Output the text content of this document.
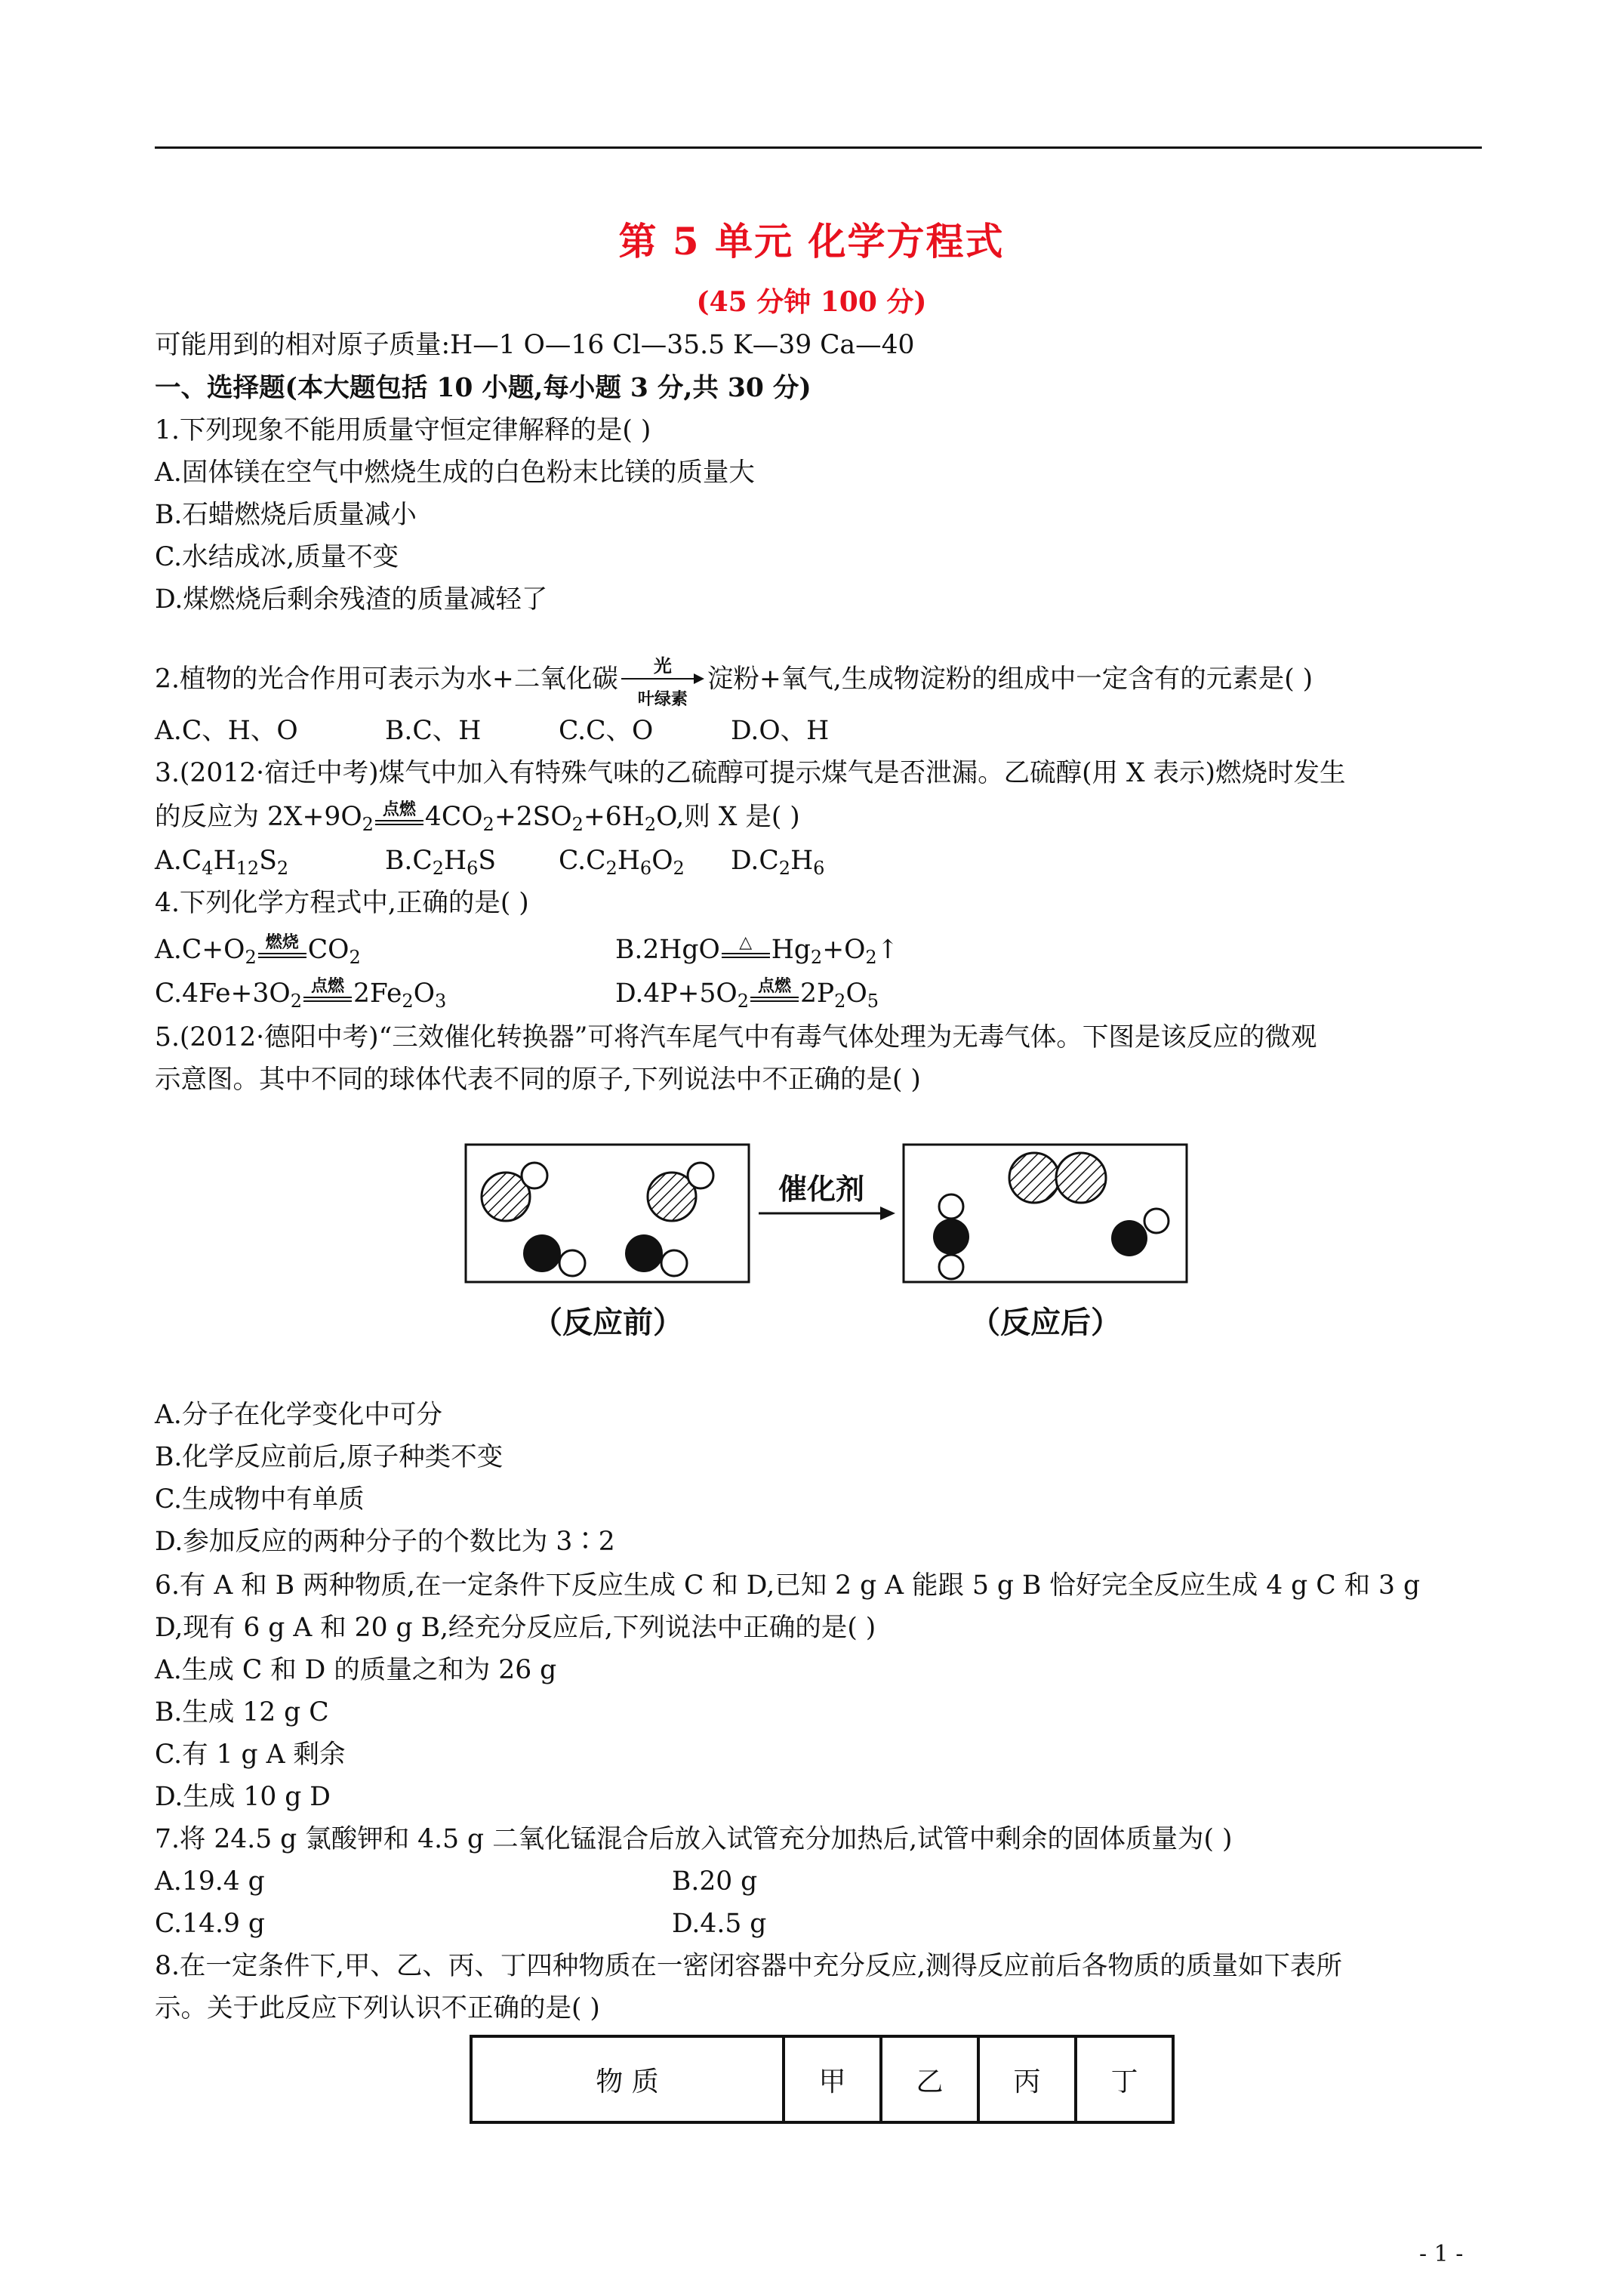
第 5 单元 化学方程式
(45 分钟 100 分)
可能用到的相对原子质量:H—1 O—16 Cl—35.5 K—39 Ca—40
一、选择题(本大题包括 10 小题,每小题 3 分,共 30 分)
1.下列现象不能用质量守恒定律解释的是( )
A.固体镁在空气中燃烧生成的白色粉末比镁的质量大
B.石蜡燃烧后质量减小
C.水结成冰,质量不变
D.煤燃烧后剩余残渣的质量减轻了
2.植物的光合作用可表示为水+二氧化碳	光
叶绿素
淀粉+氧气,生成物淀粉的组成中一定含有的元素是( )
A.C、H、O	B.C、H	C.C、O	D.O、H
3.(2012·宿迁中考)煤气中加入有特殊气味的乙硫醇可提示煤气是否泄漏。乙硫醇(用 X 表示)燃烧时发生
的反应为 $2X+9O_2$
点燃 $4CO_2+2SO_2+6H_2O$,则 X 是( )
$A.C_4H_{12}S_2$	$B.C_2H_6S$ $C.C_2H_6O_2$ $D.C_2H_6$
4.下列化学方程式中,正确的是( )
$A.C+O_2$
燃烧 $CO_2$	B.2HgO	△ $Hg_2+O_2↑$
$C.4Fe+3O_2$
点燃 $2Fe_2O_3$	$D.4P+5O_2$
点燃 $2P_2O_5$
5.(2012·德阳中考)“三效催化转换器”可将汽车尾气中有毒气体处理为无毒气体。下图是该反应的微观
示意图。其中不同的球体代表不同的原子,下列说法中不正确的是( )
催化剂
（反应前）	（反应后）
A.分子在化学变化中可分
B.化学反应前后,原子种类不变
C.生成物中有单质
D.参加反应的两种分子的个数比为 3∶2
6.有 A 和 B 两种物质,在一定条件下反应生成 C 和 D,已知 2 g A 能跟 5 g B 恰好完全反应生成 4 g C 和 3 g
D,现有 6 g A 和 20 g B,经充分反应后,下列说法中正确的是( )
A.生成 C 和 D 的质量之和为 26 g
B.生成 12 g C
C.有 1 g A 剩余
D.生成 10 g D
7.将 24.5 g 氯酸钾和 4.5 g 二氧化锰混合后放入试管充分加热后,试管中剩余的固体质量为( )
A.19.4 g	B.20 g
C.14.9 g	D.4.5 g
8.在一定条件下,甲、乙、丙、丁四种物质在一密闭容器中充分反应,测得反应前后各物质的质量如下表所
示。关于此反应下列认识不正确的是( )
物 质	甲	乙	丙	丁
- 1 -
